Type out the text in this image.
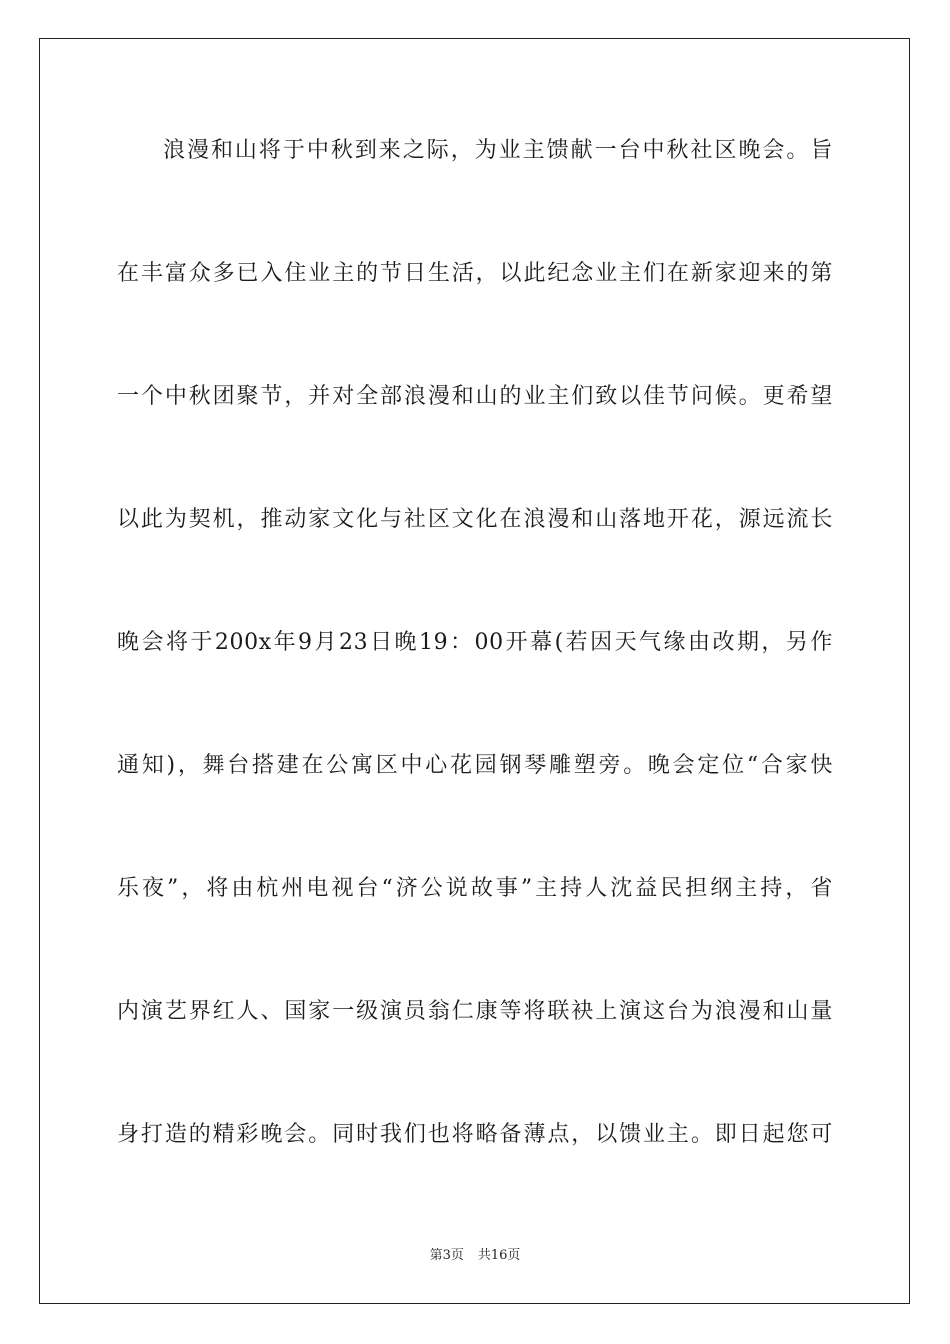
浪漫和山将于中秋到来之际，为业主馈献一台中秋社区晚会。旨
在丰富众多已入住业主的节日生活，以此纪念业主们在新家迎来的第
一个中秋团聚节，并对全部浪漫和山的业主们致以佳节问候。更希望
以此为契机，推动家文化与社区文化在浪漫和山落地开花，源远流长
晚会将于200x年9月23日晚19：00开幕(若因天气缘由改期，另作
通知)，舞台搭建在公寓区中心花园钢琴雕塑旁。晚会定位“合家快
乐夜”，将由杭州电视台“济公说故事”主持人沈益民担纲主持，省
内演艺界红人、国家一级演员翁仁康等将联袂上演这台为浪漫和山量
身打造的精彩晚会。同时我们也将略备薄点，以馈业主。即日起您可
第3页 共16页
